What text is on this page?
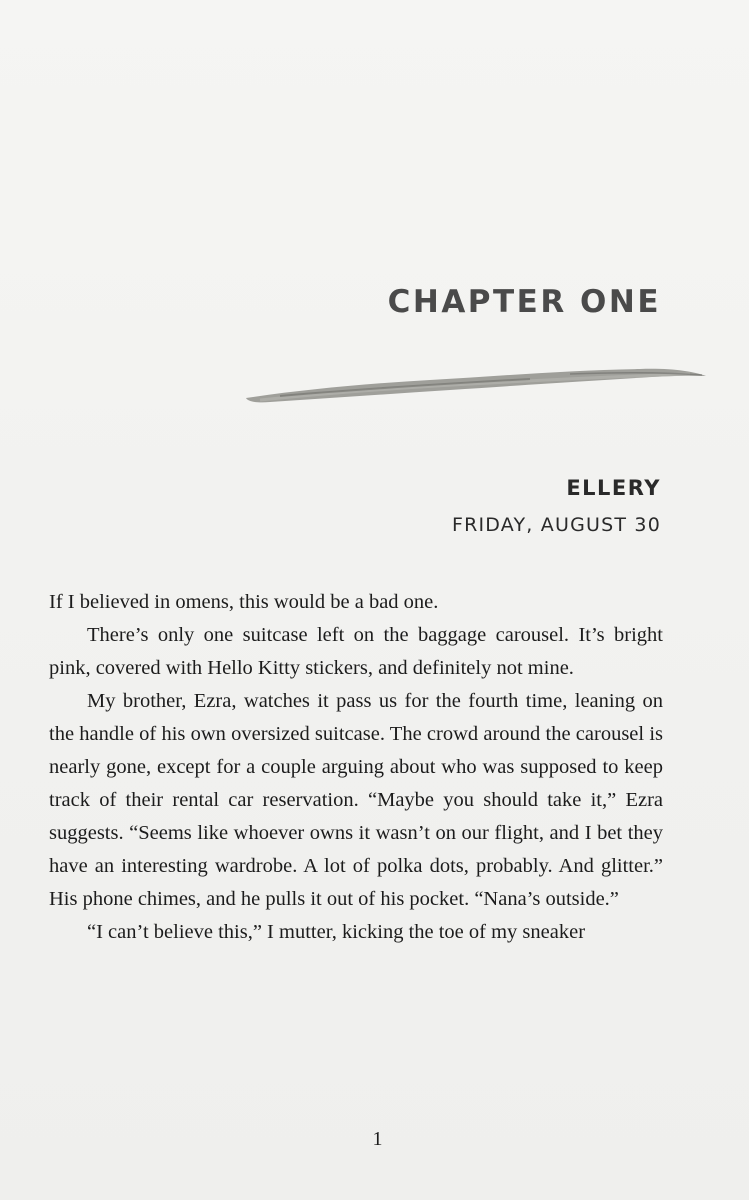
CHAPTER ONE
ELLERY

FRIDAY, AUGUST 30

If I believed in omens, this would be a bad one.

There’s only one suitcase left on the baggage carousel. It’s bright pink, covered with Hello Kitty stickers, and definitely not mine.

My brother, Ezra, watches it pass us for the fourth time, leaning on the handle of his own oversized suitcase. The crowd around the carousel is nearly gone, except for a couple arguing about who was supposed to keep track of their rental car reservation. “Maybe you should take it,” Ezra suggests. “Seems like whoever owns it wasn’t on our flight, and I bet they have an interesting wardrobe. A lot of polka dots, probably. And glitter.” His phone chimes, and he pulls it out of his pocket. “Nana’s outside.”

“I can’t believe this,” I mutter, kicking the toe of my sneaker

1
